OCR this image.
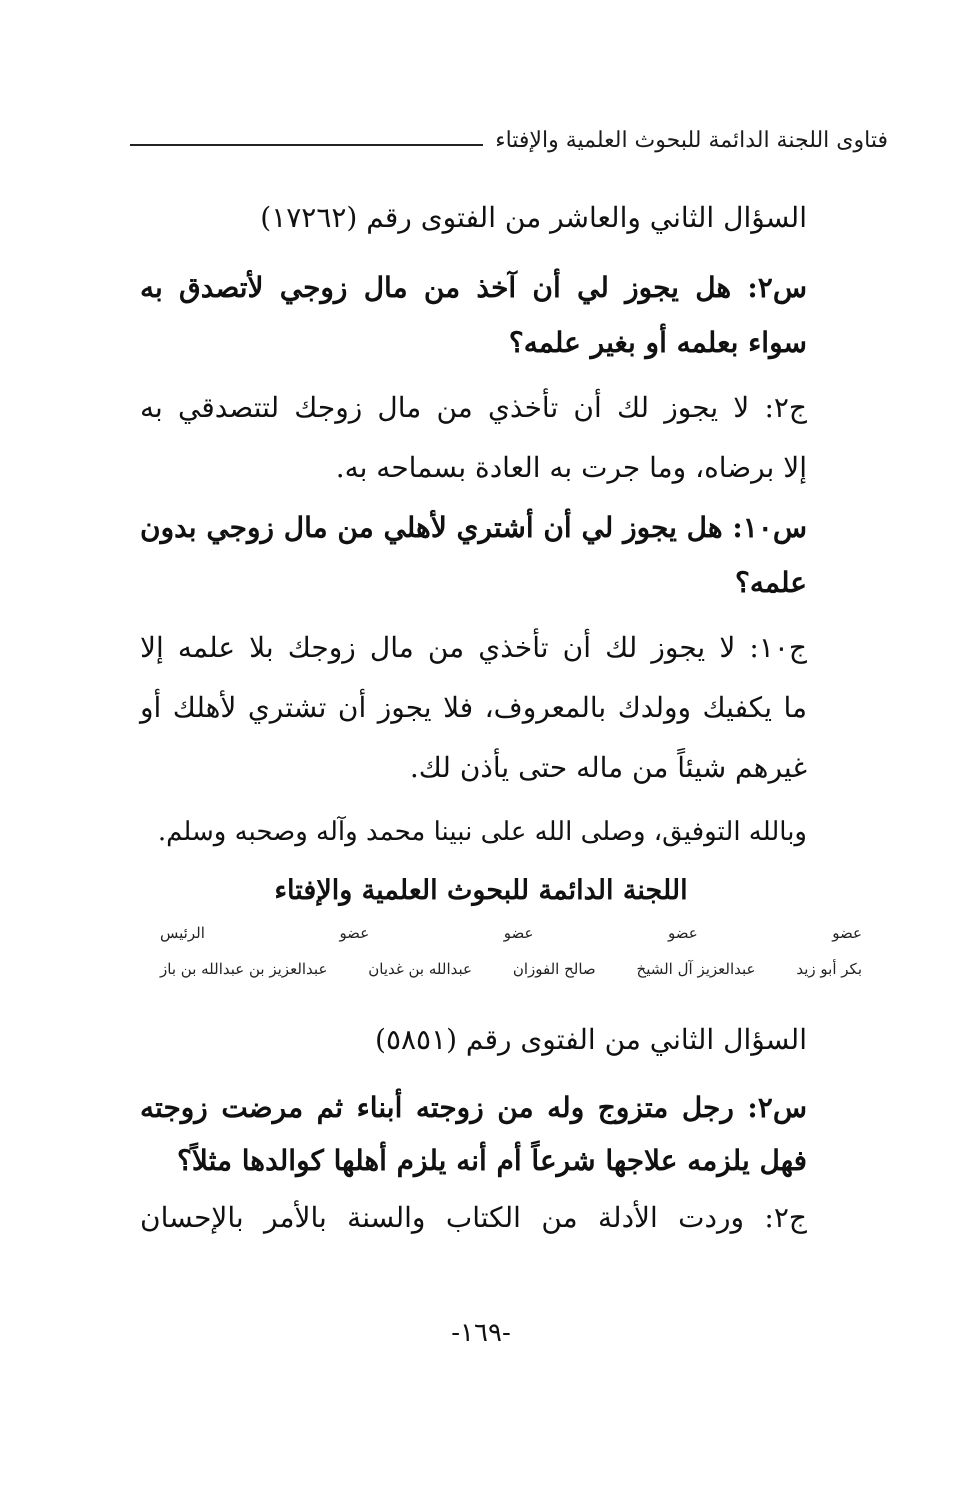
فتاوى اللجنة الدائمة للبحوث العلمية والإفتاء
السؤال الثاني والعاشر من الفتوى رقم (١٧٢٦٢)
س٢: هل يجوز لي أن آخذ من مال زوجي لأتصدق به
سواء بعلمه أو بغير علمه؟
ج٢: لا يجوز لك أن تأخذي من مال زوجك لتتصدقي به
إلا برضاه، وما جرت به العادة بسماحه به.
س١٠: هل يجوز لي أن أشتري لأهلي من مال زوجي بدون
علمه؟
ج١٠: لا يجوز لك أن تأخذي من مال زوجك بلا علمه إلا
ما يكفيك وولدك بالمعروف، فلا يجوز أن تشتري لأهلك أو
غيرهم شيئاً من ماله حتى يأذن لك.
وبالله التوفيق، وصلى الله على نبينا محمد وآله وصحبه وسلم.
اللجنة الدائمة للبحوث العلمية والإفتاء
عضو
عضو
عضو
عضو
الرئيس
بكر أبو زيد
عبدالعزيز آل الشيخ
صالح الفوزان
عبدالله بن غديان
عبدالعزيز بن عبدالله بن باز
السؤال الثاني من الفتوى رقم (٥٨٥١)
س٢: رجل متزوج وله من زوجته أبناء ثم مرضت زوجته
فهل يلزمه علاجها شرعاً أم أنه يلزم أهلها كوالدها مثلاً؟
ج٢: وردت الأدلة من الكتاب والسنة بالأمر بالإحسان
-١٦٩-
